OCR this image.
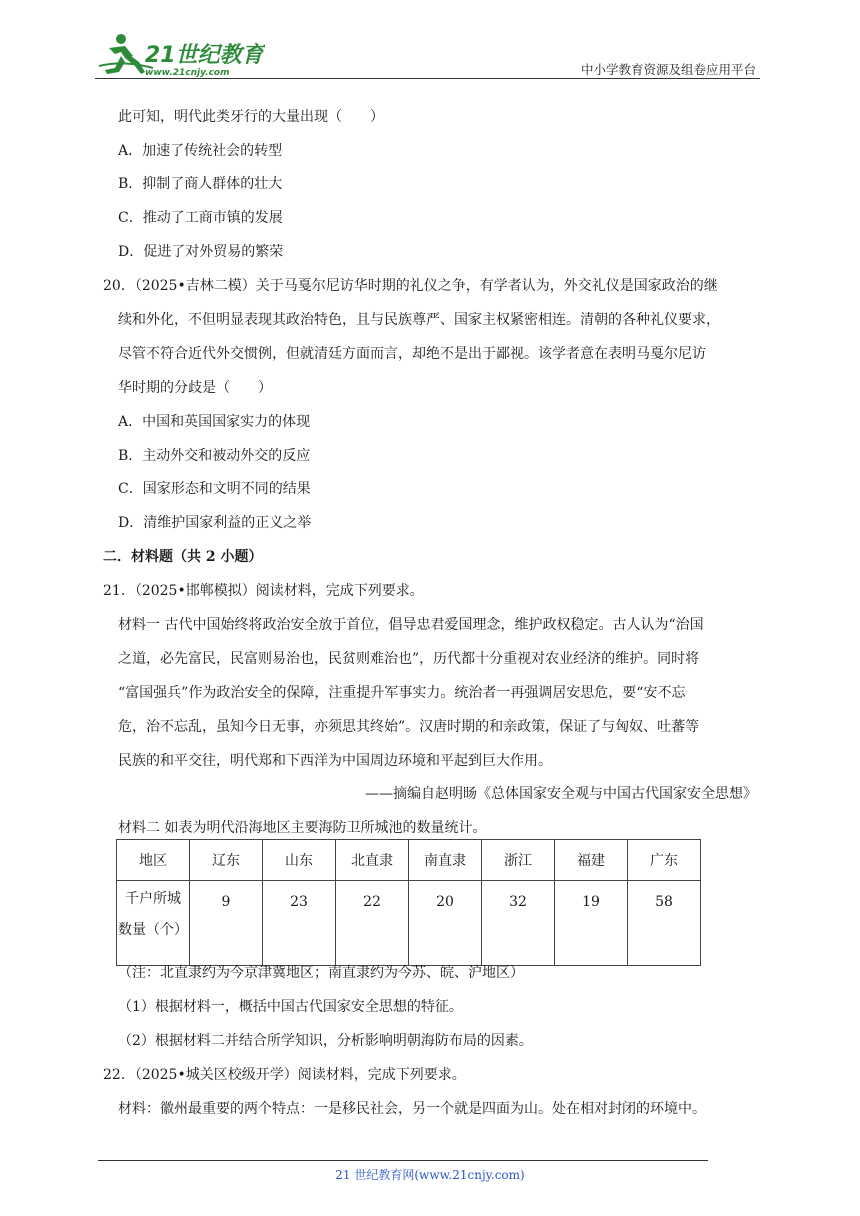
21世纪教育
www.21cnjy.com	中小学教育资源及组卷应用平台
此可知，明代此类牙行的大量出现（　　）
A．加速了传统社会的转型
B．抑制了商人群体的壮大
C．推动了工商市镇的发展
D．促进了对外贸易的繁荣
20．（2025•吉林二模）关于马戛尔尼访华时期的礼仪之争，有学者认为，外交礼仪是国家政治的继
续和外化，不但明显表现其政治特色，且与民族尊严、国家主权紧密相连。清朝的各种礼仪要求，
尽管不符合近代外交惯例，但就清廷方面而言，却绝不是出于鄙视。该学者意在表明马戛尔尼访
华时期的分歧是（　　）
A．中国和英国国家实力的体现
B．主动外交和被动外交的反应
C．国家形态和文明不同的结果
D．清维护国家利益的正义之举
二．材料题（共 2 小题）
21．（2025•邯郸模拟）阅读材料，完成下列要求。
材料一 古代中国始终将政治安全放于首位，倡导忠君爱国理念，维护政权稳定。古人认为“治国
之道，必先富民，民富则易治也，民贫则难治也”，历代都十分重视对农业经济的维护。同时将
“富国强兵”作为政治安全的保障，注重提升军事实力。统治者一再强调居安思危，要“安不忘
危，治不忘乱，虽知今日无事，亦须思其终始”。汉唐时期的和亲政策，保证了与匈奴、吐蕃等
民族的和平交往，明代郑和下西洋为中国周边环境和平起到巨大作用。
——摘编自赵明旸《总体国家安全观与中国古代国家安全思想》
材料二 如表为明代沿海地区主要海防卫所城池的数量统计。
地区	辽东	山东	北直隶	南直隶	浙江	福建	广东

千户所城
数量（个）	9	23	22	20	32	19	58
（注：北直隶约为今京津冀地区；南直隶约为今苏、皖、沪地区）
（1）根据材料一，概括中国古代国家安全思想的特征。
（2）根据材料二并结合所学知识，分析影响明朝海防布局的因素。
22．（2025•城关区校级开学）阅读材料，完成下列要求。
材料：徽州最重要的两个特点：一是移民社会，另一个就是四面为山。处在相对封闭的环境中。
21 世纪教育网(www.21cnjy.com)
